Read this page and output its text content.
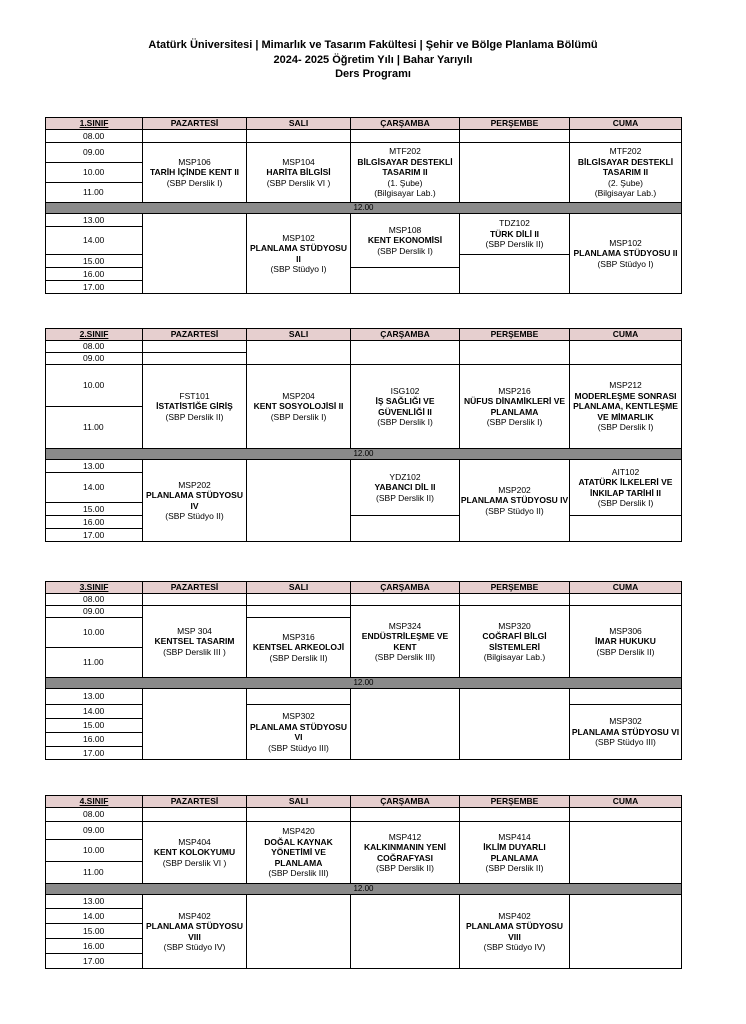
Atatürk Üniversitesi | Mimarlık ve Tasarım Fakültesi | Şehir ve Bölge Planlama Bölümü
2024- 2025 Öğretim Yılı | Bahar Yarıyılı
Ders Programı
1.SINIF	PAZARTESİ	SALI	ÇARŞAMBA	PERŞEMBE	CUMA
08.00					
09.00	MSP106
TARİH İÇİNDE KENT II
(SBP Derslik I)	MSP104
HARİTA BİLGİSİ
(SBP Derslik VI )	MTF202
BİLGİSAYAR DESTEKLİ TASARIM II
(1. Şube)
(Bilgisayar Lab.)		MTF202
BİLGİSAYAR DESTEKLİ TASARIM II
(2. Şube)
(Bilgisayar Lab.)

10.00					
11.00					
12.00					
13.00		MSP102
PLANLAMA STÜDYOSU II
(SBP Stüdyo I)	MSP108
KENT EKONOMİSİ
(SBP Derslik I)	TDZ102
TÜRK DİLİ II
(SBP Derslik II)	MSP102
PLANLAMA STÜDYOSU II
(SBP Stüdyo I)

14.00					
15.00					
16.00					
17.00					
2.SINIF	PAZARTESİ	SALI	ÇARŞAMBA	PERŞEMBE	CUMA
08.00					
09.00					
10.00	FST101
İSTATİSTİĞE GİRİŞ
(SBP Derslik II)	MSP204
KENT SOSYOLOJİSİ II
(SBP Derslik I)	ISG102
İŞ SAĞLIĞI VE GÜVENLİĞİ II
(SBP Derslik I)	MSP216
NÜFUS DİNAMİKLERİ VE PLANLAMA
(SBP Derslik I)	MSP212
MODERLEŞME SONRASI PLANLAMA, KENTLEŞME VE MİMARLIK
(SBP Derslik I)

11.00					
12.00					
13.00	MSP202
PLANLAMA STÜDYOSU IV
(SBP Stüdyo II)		YDZ102
YABANCI DİL II
(SBP Derslik II)	MSP202
PLANLAMA STÜDYOSU IV
(SBP Stüdyo II)	AIT102
ATATÜRK İLKELERİ VE İNKILAP TARİHİ II
(SBP Derslik I)

14.00					
15.00					
16.00					
17.00					
3.SINIF	PAZARTESİ	SALI	ÇARŞAMBA	PERŞEMBE	CUMA
08.00					
09.00	MSP 304
KENTSEL TASARIM
(SBP Derslik III )		MSP324
ENDÜSTRİLEŞME VE KENT
(SBP Derslik III)	MSP320
COĞRAFİ BİLGİ SİSTEMLERİ
(Bilgisayar Lab.)	MSP306
İMAR HUKUKU
(SBP Derslik II)

10.00		MSP316
KENTSEL ARKEOLOJİ
(SBP Derslik II)			

11.00					
12.00					
13.00					
14.00		MSP302
PLANLAMA STÜDYOSU VI
(SBP Stüdyo III)			MSP302
PLANLAMA STÜDYOSU VI
(SBP Stüdyo III)

15.00					
16.00					
17.00					
4.SINIF	PAZARTESİ	SALI	ÇARŞAMBA	PERŞEMBE	CUMA
08.00					
09.00	MSP404
KENT KOLOKYUMU
(SBP Derslik VI )	MSP420
DOĞAL KAYNAK YÖNETİMİ VE PLANLAMA
(SBP Derslik III)	MSP412
KALKINMANIN YENİ COĞRAFYASI
(SBP Derslik II)	MSP414
İKLİM DUYARLI PLANLAMA
(SBP Derslik II)	

10.00					
11.00					
12.00					
13.00	MSP402
PLANLAMA STÜDYOSU VIII
(SBP Stüdyo IV)			MSP402
PLANLAMA STÜDYOSU VIII
(SBP Stüdyo IV)	

14.00					
15.00					
16.00					
17.00					
